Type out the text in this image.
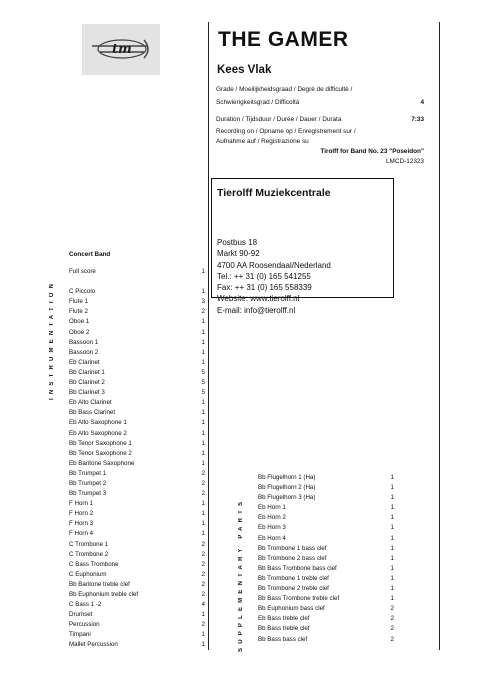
tm	THE GAMER
Kees Vlak
Grade / Moeilijkheidsgraad / Degré de difficulté /
Schwierigkeitsgrad / Difficoltà	4
Duration / Tijdsduur / Durée / Dauer / Durata	7:33
Recording on / Opname op / Enregistrement sur /
Aufnahme auf / Registrazione su
Tirolff for Band No. 23 "Poseidon"
LMCD-12323
Tierolff Muziekcentrale
Postbus 18
Markt 90-92
4700 AA Roosendaal/Nederland
Tel.: ++ 31 (0) 165 541255
Fax: ++ 31 (0) 165 558339
Website: www.tierolff.nl
E-mail: info@tierolff.nl
INSTRUMENTATION
SUPPLEMENTARY PARTS
Concert Band
Full score	1
C Piccolo	1
Flute 1	3
Flute 2	2
Oboe 1	1
Oboe 2	1
Bassoon 1	1
Bassoon 2	1
Eb Clarinet	1
Bb Clarinet 1	5
Bb Clarinet 2	5
Bb Clarinet 3	5
Eb Alto Clarinet	1
Bb Bass Clarinet	1
Eb Alto Saxophone 1	1
Eb Alto Saxophone 2	1
Bb Tenor Saxophone 1	1
Bb Tenor Saxophone 2	1
Eb Baritone Saxophone	1
Bb Trumpet 1	2
Bb Trumpet 2	2
Bb Trumpet 3	2
F Horn 1	1
F Horn 2	1
F Horn 3	1
F Horn 4	1
C Trombone 1	2
C Trombone 2	2
C Bass Trombone	2
C Euphonium	2
Bb Baritone treble clef	2
Bb Euphonium treble clef	2
C Bass 1 -2	4
Drumset	1
Percussion	2
Timpani	1
Mallet Percussion	1
Bb Flugelhorn 1 (Ha)	1
Bb Flugelhorn 2 (Ha)	1
Bb Flugelhorn 3 (Ha)	1
Eb Horn 1	1
Eb Horn 2	1
Eb Horn 3	1
Eb Horn 4	1
Bb Trombone 1 bass clef	1
Bb Trombone 2 bass clef	1
Bb Bass Trombone bass clef	1
Bb Trombone 1 treble clef	1
Bb Trombone 2 treble clef	1
Bb Bass Trombone treble clef	1
Bb Euphonium bass clef	2
Eb Bass treble clef	2
Bb Bass treble clef	2
Bb Bass bass clef	2
